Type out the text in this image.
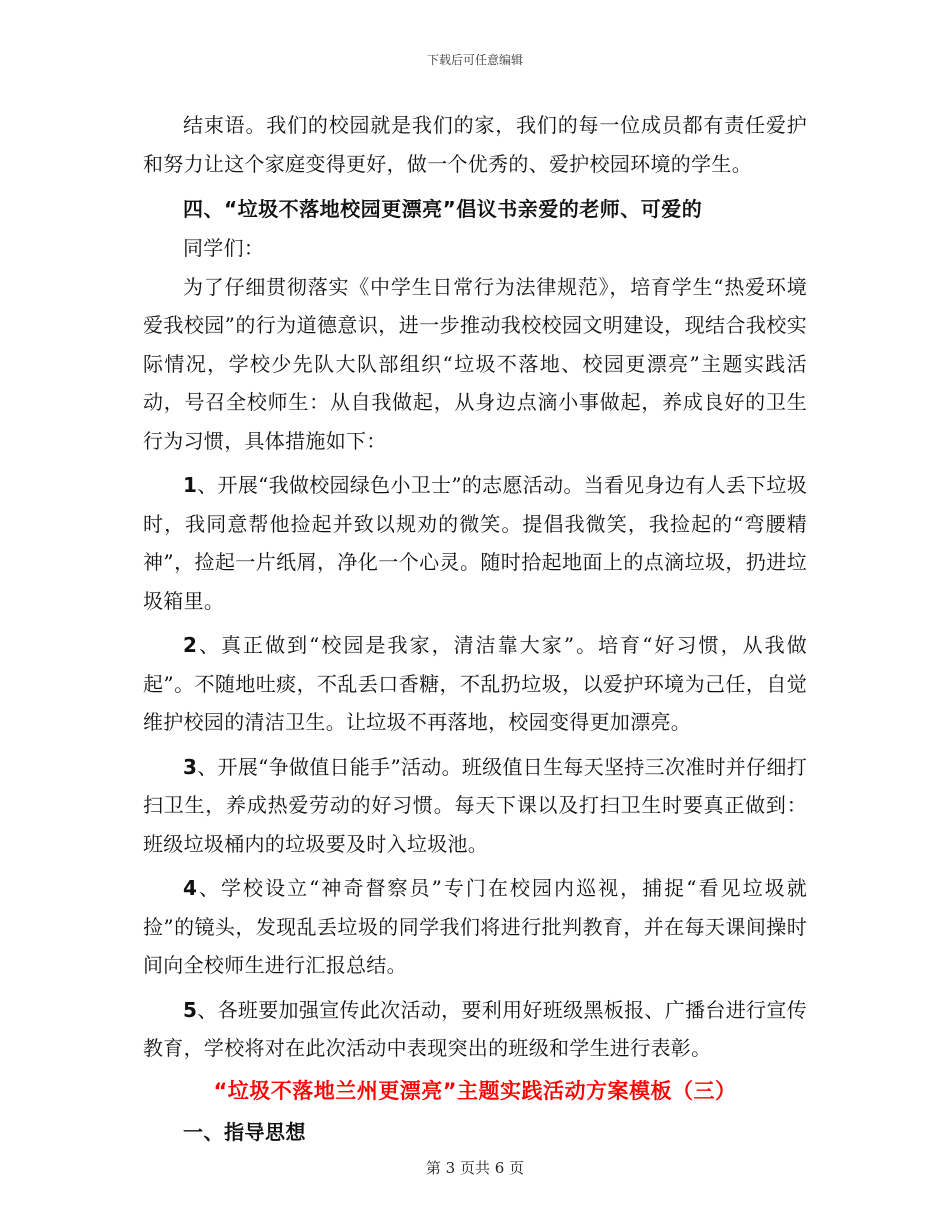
下载后可任意编辑

结束语。我们的校园就是我们的家，我们的每一位成员都有责任爱护和努力让这个家庭变得更好，做一个优秀的、爱护校园环境的学生。

四、“垃圾不落地校园更漂亮”倡议书亲爱的老师、可爱的

同学们：

为了仔细贯彻落实《中学生日常行为法律规范》，培育学生“热爱环境爱我校园”的行为道德意识，进一步推动我校校园文明建设，现结合我校实际情况，学校少先队大队部组织“垃圾不落地、校园更漂亮”主题实践活动，号召全校师生：从自我做起，从身边点滴小事做起，养成良好的卫生行为习惯，具体措施如下：

1、开展“我做校园绿色小卫士”的志愿活动。当看见身边有人丢下垃圾时，我同意帮他捡起并致以规劝的微笑。提倡我微笑，我捡起的“弯腰精神”，捡起一片纸屑，净化一个心灵。随时拾起地面上的点滴垃圾，扔进垃圾箱里。

2、真正做到“校园是我家，清洁靠大家”。培育“好习惯，从我做起”。不随地吐痰，不乱丢口香糖，不乱扔垃圾，以爱护环境为己任，自觉维护校园的清洁卫生。让垃圾不再落地，校园变得更加漂亮。

3、开展“争做值日能手”活动。班级值日生每天坚持三次准时并仔细打扫卫生，养成热爱劳动的好习惯。每天下课以及打扫卫生时要真正做到：班级垃圾桶内的垃圾要及时入垃圾池。

4、学校设立“神奇督察员”专门在校园内巡视，捕捉“看见垃圾就捡”的镜头，发现乱丢垃圾的同学我们将进行批判教育，并在每天课间操时间向全校师生进行汇报总结。

5、各班要加强宣传此次活动，要利用好班级黑板报、广播台进行宣传教育，学校将对在此次活动中表现突出的班级和学生进行表彰。

“垃圾不落地兰州更漂亮”主题实践活动方案模板（三）

一、指导思想

第 3 页共 6 页
